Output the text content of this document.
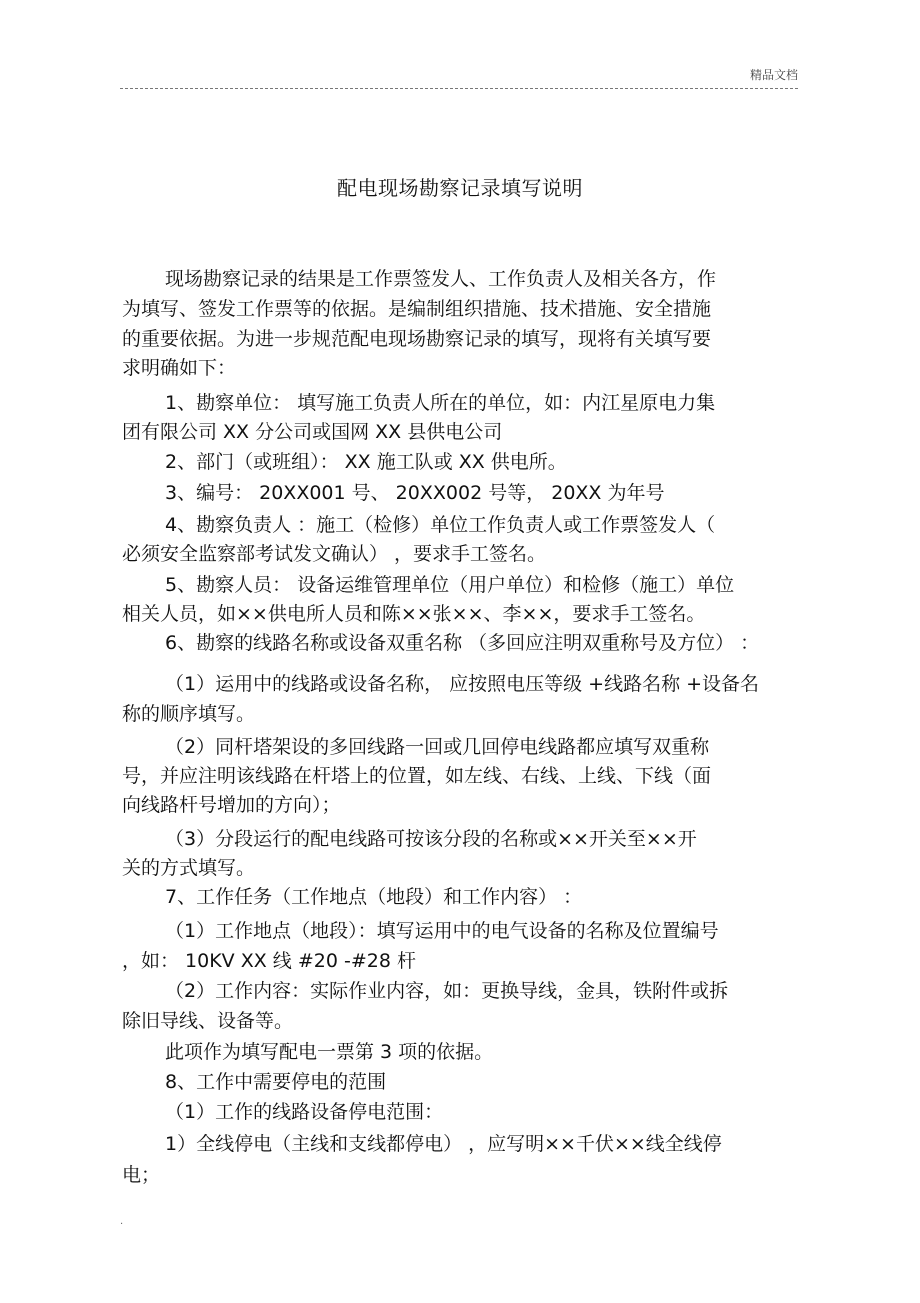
精品文档
配电现场勘察记录填写说明
现场勘察记录的结果是工作票签发人、工作负责人及相关各方，作
为填写、签发工作票等的依据。是编制组织措施、技术措施、安全措施
的重要依据。为进一步规范配电现场勘察记录的填写，现将有关填写要
求明确如下：
1、勘察单位： 填写施工负责人所在的单位，如：内江星原电力集
团有限公司 XX 分公司或国网 XX 县供电公司
2、部门（或班组）： XX 施工队或 XX 供电所。
3、编号： 20XX001 号、 20XX002 号等， 20XX 为年号
4、勘察负责人 ：施工（检修）单位工作负责人或工作票签发人（
必须安全监察部考试发文确认） ，要求手工签名。
5、勘察人员： 设备运维管理单位（用户单位）和检修（施工）单位
相关人员，如××供电所人员和陈××张××、李××，要求手工签名。
6、勘察的线路名称或设备双重名称 （多回应注明双重称号及方位） ：
（1）运用中的线路或设备名称， 应按照电压等级 +线路名称 +设备名
称的顺序填写。
（2）同杆塔架设的多回线路一回或几回停电线路都应填写双重称
号，并应注明该线路在杆塔上的位置，如左线、右线、上线、下线（面
向线路杆号增加的方向）；
（3）分段运行的配电线路可按该分段的名称或××开关至××开
关的方式填写。
7、工作任务（工作地点（地段）和工作内容） ：
（1）工作地点（地段）：填写运用中的电气设备的名称及位置编号
，如： 10KV XX 线 #20 -#28 杆
（2）工作内容：实际作业内容，如：更换导线，金具，铁附件或拆
除旧导线、设备等。
此项作为填写配电一票第 3 项的依据。
8、工作中需要停电的范围
（1）工作的线路设备停电范围：
1）全线停电（主线和支线都停电） ，应写明××千伏××线全线停
电；
.
